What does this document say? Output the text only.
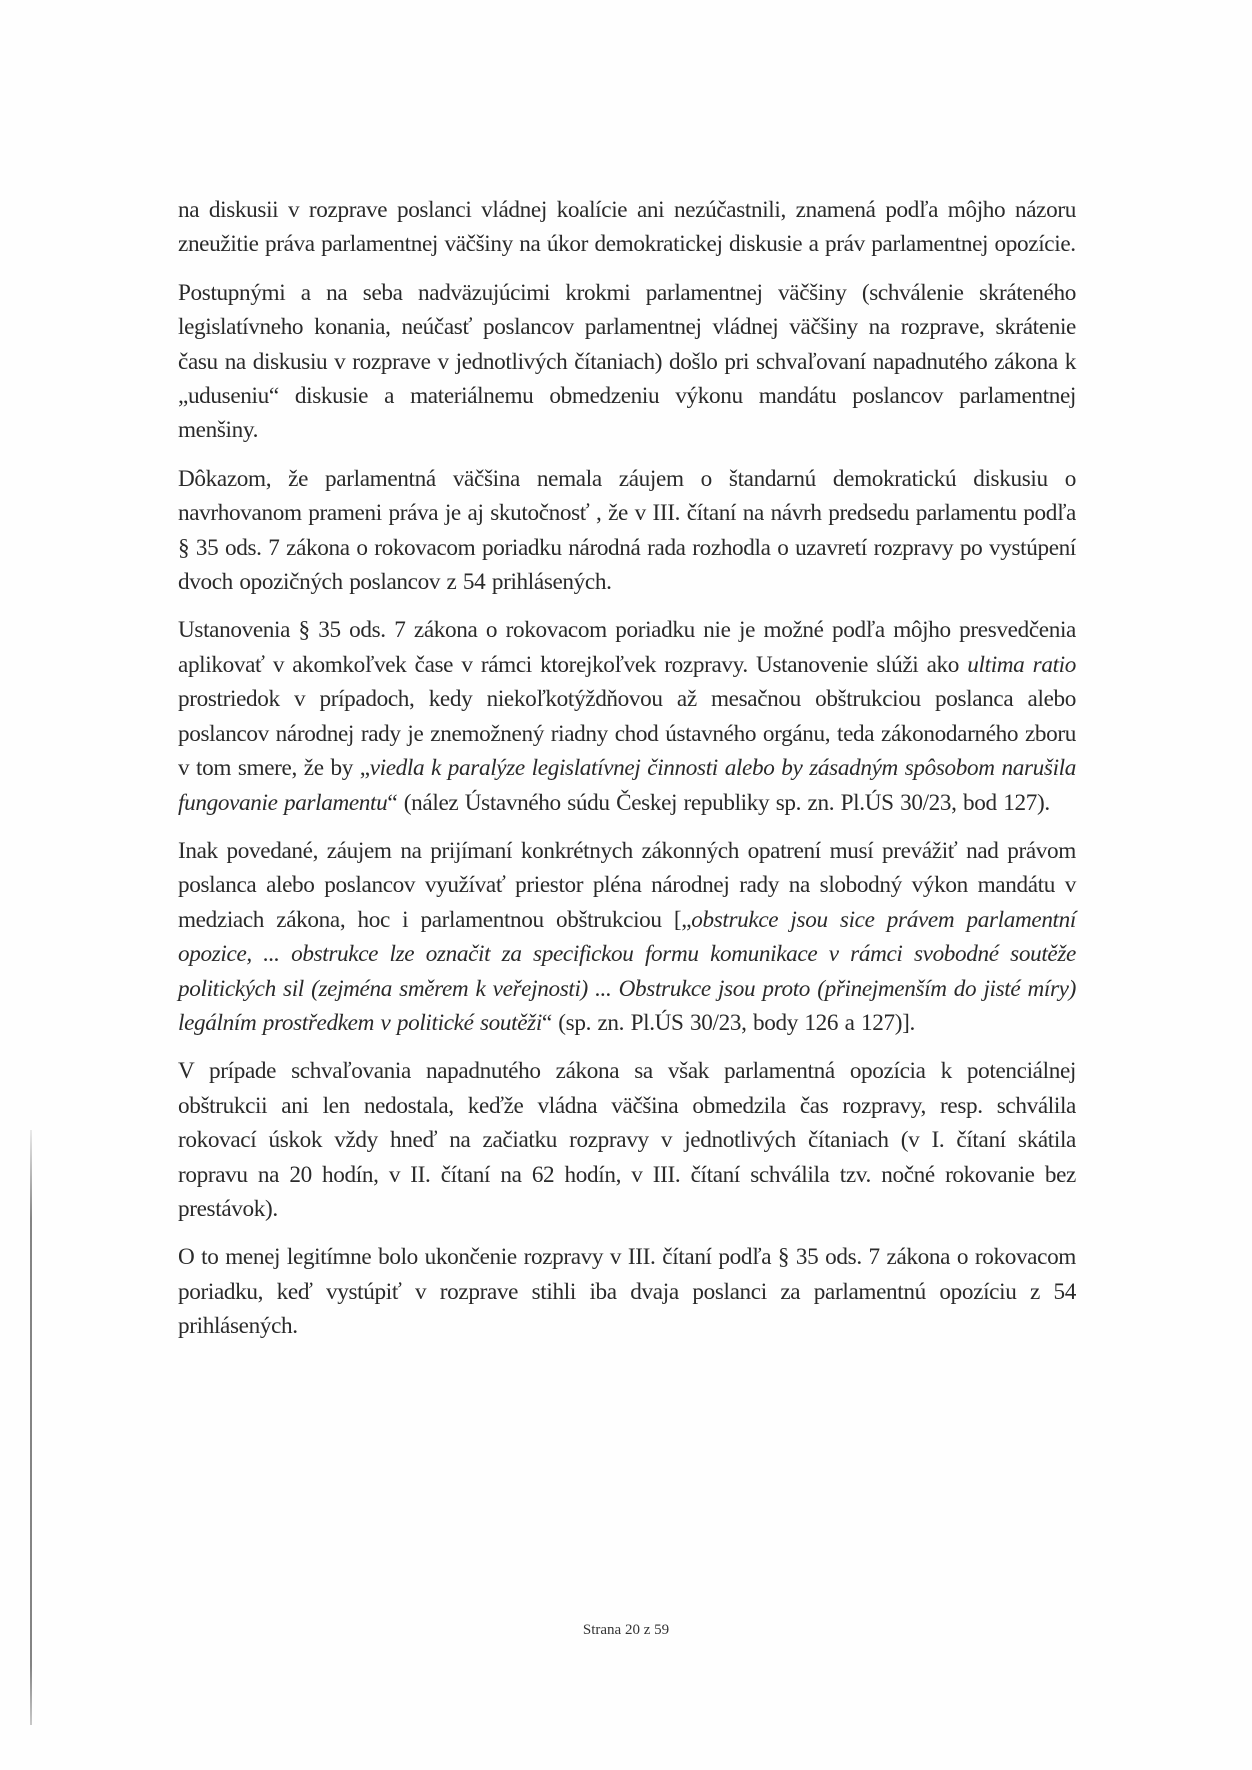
na diskusii v rozprave poslanci vládnej koalície ani nezúčastnili, znamená podľa môjho názoru zneužitie práva parlamentnej väčšiny na úkor demokratickej diskusie a práv parlamentnej opozície.

Postupnými a na seba nadväzujúcimi krokmi parlamentnej väčšiny (schválenie skráteného legislatívneho konania, neúčasť poslancov parlamentnej vládnej väčšiny na rozprave, skrátenie času na diskusiu v rozprave v jednotlivých čítaniach) došlo pri schvaľovaní napadnutého zákona k „uduseniu“ diskusie a materiálnemu obmedzeniu výkonu mandátu poslancov parlamentnej menšiny.

Dôkazom, že parlamentná väčšina nemala záujem o štandarnú demokratickú diskusiu o navrhovanom prameni práva je aj skutočnosť , že v III. čítaní na návrh predsedu parlamentu podľa § 35 ods. 7 zákona o rokovacom poriadku národná rada rozhodla o uzavretí rozpravy po vystúpení dvoch opozičných poslancov z 54 prihlásených.

Ustanovenia § 35 ods. 7 zákona o rokovacom poriadku nie je možné podľa môjho presvedčenia aplikovať v akomkoľvek čase v rámci ktorejkoľvek rozpravy. Ustanovenie slúži ako ultima ratio prostriedok v prípadoch, kedy niekoľkotýždňovou až mesačnou obštrukciou poslanca alebo poslancov národnej rady je znemožnený riadny chod ústavného orgánu, teda zákonodarného zboru v tom smere, že by „viedla k paralýze legislatívnej činnosti alebo by zásadným spôsobom narušila fungovanie parlamentu“ (nález Ústavného súdu Českej republiky sp. zn. Pl.ÚS 30/23, bod 127).

Inak povedané, záujem na prijímaní konkrétnych zákonných opatrení musí prevážiť nad právom poslanca alebo poslancov využívať priestor pléna národnej rady na slobodný výkon mandátu v medziach zákona, hoc i parlamentnou obštrukciou [„obstrukce jsou sice právem parlamentní opozice, ... obstrukce lze označit za specifickou formu komunikace v rámci svobodné soutěže politických sil (zejména směrem k veřejnosti) ... Obstrukce jsou proto (přinejmenším do jisté míry) legálním prostředkem v politické soutěži“ (sp. zn. Pl.ÚS 30/23, body 126 a 127)].

V prípade schvaľovania napadnutého zákona sa však parlamentná opozícia k potenciálnej obštrukcii ani len nedostala, keďže vládna väčšina obmedzila čas rozpravy, resp. schválila rokovací úskok vždy hneď na začiatku rozpravy v jednotlivých čítaniach (v I. čítaní skátila ropravu na 20 hodín, v II. čítaní na 62 hodín, v III. čítaní schválila tzv. nočné rokovanie bez prestávok).

O to menej legitímne bolo ukončenie rozpravy v III. čítaní podľa § 35 ods. 7 zákona o rokovacom poriadku, keď vystúpiť v rozprave stihli iba dvaja poslanci za parlamentnú opozíciu z 54 prihlásených.

Strana 20 z 59
